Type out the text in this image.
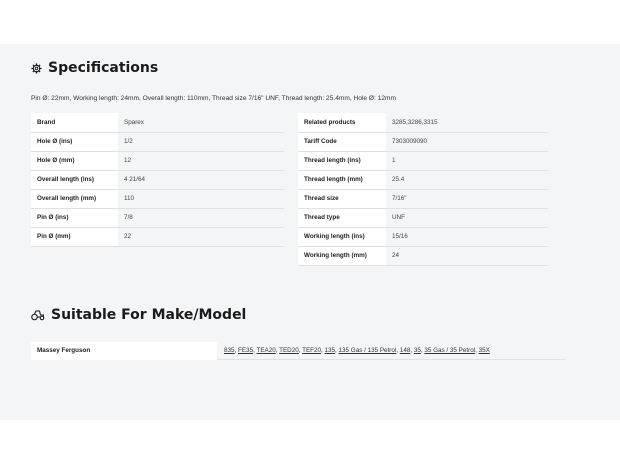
Specifications
Pin Ø: 22mm, Working length: 24mm, Overall length: 110mm, Thread size 7/16" UNF, Thread length: 25.4mm, Hole Ø: 12mm
Brand	Sparex
Hole Ø (ins)	1/2
Hole Ø (mm)	12
Overall length (ins)	4 21/64
Overall length (mm)	110
Pin Ø (ins)	7/8
Pin Ø (mm)	22
Related products	3285,3286,3315
Tariff Code	7303009090
Thread length (ins)	1
Thread length (mm)	25.4
Thread size	7/16"
Thread type	UNF
Working length (ins)	15/16
Working length (mm)	24
Suitable For Make/Model
Massey Ferguson	835, FE35, TEA20, TED20, TEF20, 135, 135 Gas / 135 Petrol, 148, 35, 35 Gas / 35 Petrol, 35X
